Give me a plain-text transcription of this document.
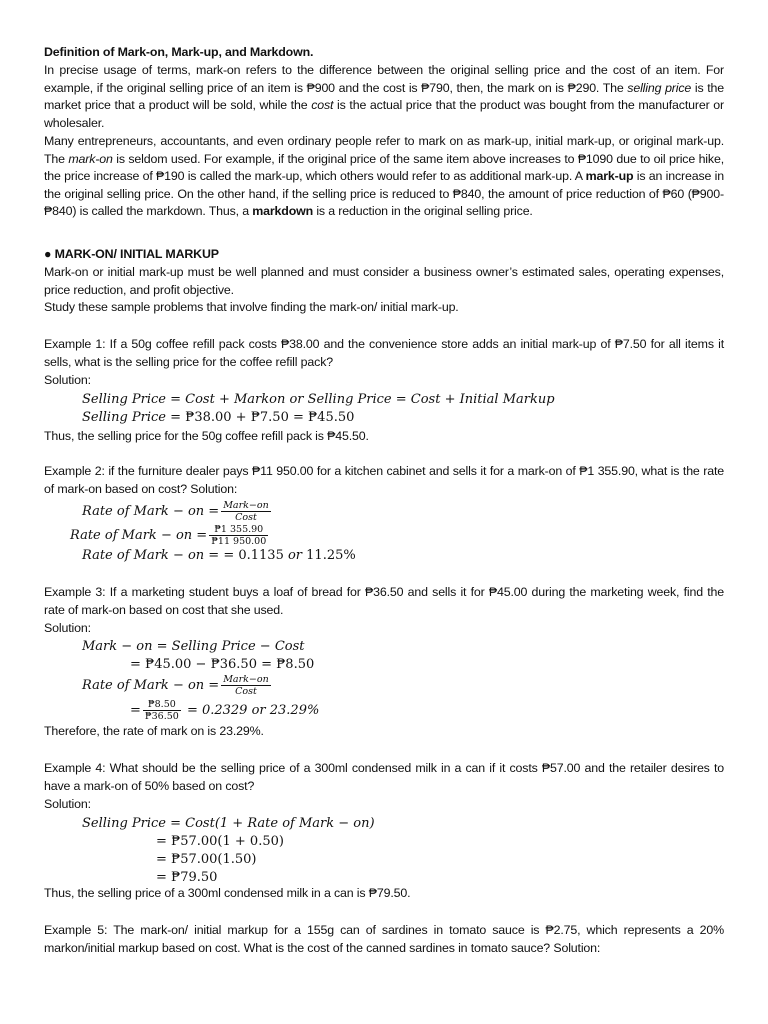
Definition of Mark-on, Mark-up, and Markdown.

In precise usage of terms, mark-on refers to the difference between the original selling price and the cost of an item. For example, if the original selling price of an item is ₱900 and the cost is ₱790, then, the mark on is ₱290. The selling price is the market price that a product will be sold, while the cost is the actual price that the product was bought from the manufacturer or wholesaler.

Many entrepreneurs, accountants, and even ordinary people refer to mark on as mark-up, initial mark-up, or original mark-up. The mark-on is seldom used. For example, if the original price of the same item above increases to ₱1090 due to oil price hike, the price increase of ₱190 is called the mark-up, which others would refer to as additional mark-up. A mark-up is an increase in the original selling price. On the other hand, if the selling price is reduced to ₱840, the amount of price reduction of ₱60 (₱900-₱840) is called the markdown. Thus, a markdown is a reduction in the original selling price.

● MARK-ON/ INITIAL MARKUP

Mark-on or initial mark-up must be well planned and must consider a business owner’s estimated sales, operating expenses, price reduction, and profit objective.

Study these sample problems that involve finding the mark-on/ initial mark-up.

Example 1: If a 50g coffee refill pack costs ₱38.00 and the convenience store adds an initial mark-up of ₱7.50 for all items it sells, what is the selling price for the coffee refill pack?

Solution:

Selling Price = Cost + Markon or Selling Price = Cost + Initial Markup
Selling Price = ₱38.00 + ₱7.50 = ₱45.50

Thus, the selling price for the 50g coffee refill pack is ₱45.50.

Example 2: if the furniture dealer pays ₱11 950.00 for a kitchen cabinet and sells it for a mark-on of ₱1 355.90, what is the rate of mark-on based on cost? Solution:

Rate of Mark − on = $\frac{\text{Mark−on}}{\text{Cost}}$
Rate of Mark − on = $\frac{₱1 355.90}{₱11 950.00}$
Rate of Mark − on = = 0.1135 or 11.25%

Example 3: If a marketing student buys a loaf of bread for ₱36.50 and sells it for ₱45.00 during the marketing week, find the rate of mark-on based on cost that she used.

Solution:

Mark − on = Selling Price − Cost
= ₱45.00 − ₱36.50 = ₱8.50
Rate of Mark − on = $\frac{\text{Mark−on}}{\text{Cost}}$
= $\frac{₱8.50}{₱36.50} = 0.2329$ or 23.29%

Therefore, the rate of mark on is 23.29%.

Example 4: What should be the selling price of a 300ml condensed milk in a can if it costs ₱57.00 and the retailer desires to have a mark-on of 50% based on cost?

Solution:

Selling Price = Cost(1 + Rate of Mark − on)
= ₱57.00(1 + 0.50)
= ₱57.00(1.50)
= ₱79.50

Thus, the selling price of a 300ml condensed milk in a can is ₱79.50.

Example 5: The mark-on/ initial markup for a 155g can of sardines in tomato sauce is ₱2.75, which represents a 20% markon/initial markup based on cost. What is the cost of the canned sardines in tomato sauce? Solution:
